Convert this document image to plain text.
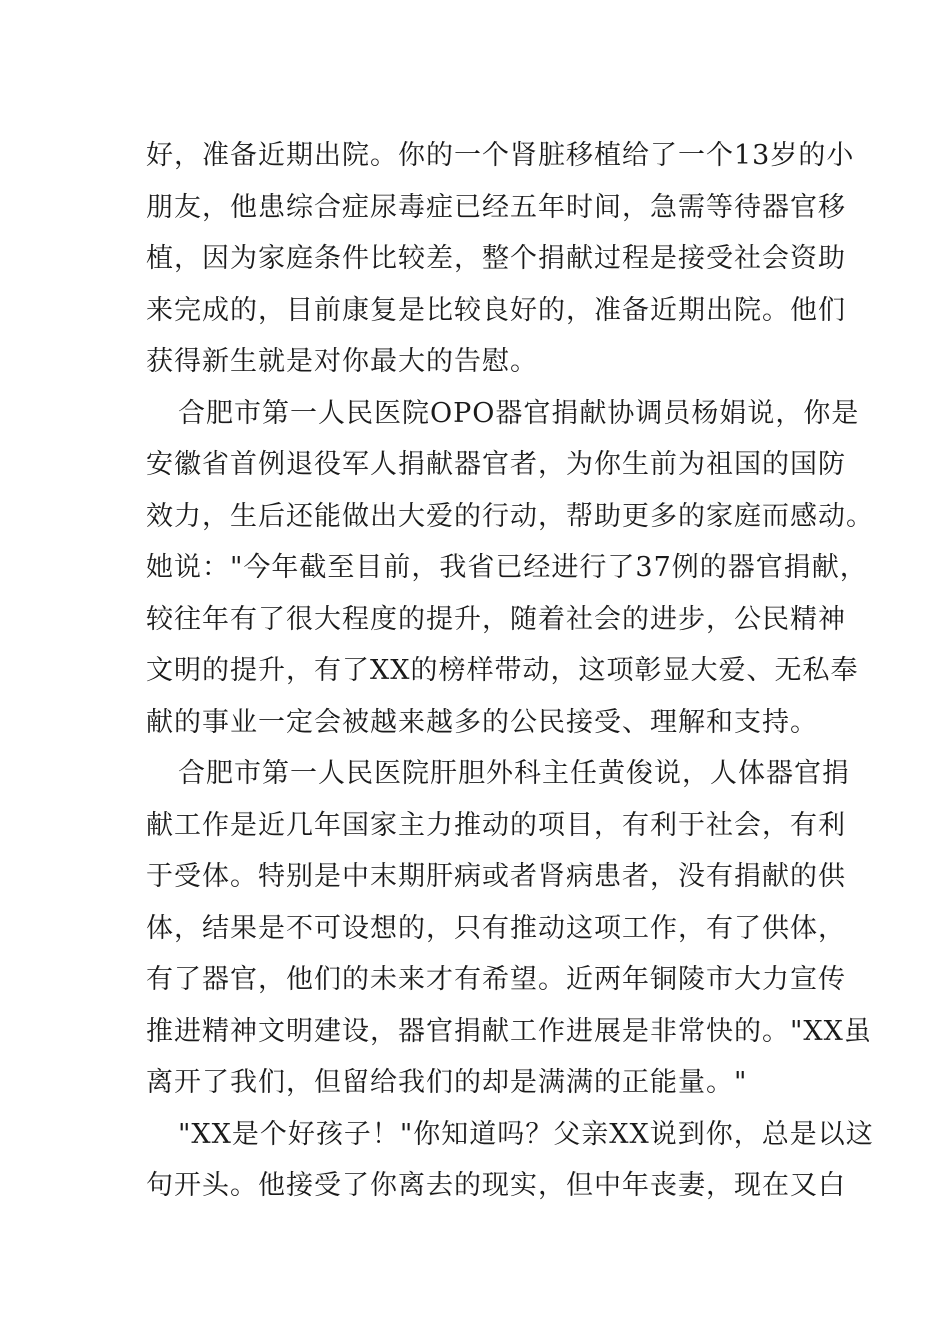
好，准备近期出院。你的一个肾脏移植给了一个13岁的小
朋友，他患综合症尿毒症已经五年时间，急需等待器官移
植，因为家庭条件比较差，整个捐献过程是接受社会资助
来完成的，目前康复是比较良好的，准备近期出院。他们
获得新生就是对你最大的告慰。
合肥市第一人民医院OPO器官捐献协调员杨娟说，你是
安徽省首例退役军人捐献器官者，为你生前为祖国的国防
效力，生后还能做出大爱的行动，帮助更多的家庭而感动。
她说："今年截至目前，我省已经进行了37例的器官捐献，
较往年有了很大程度的提升，随着社会的进步，公民精神
文明的提升，有了XX的榜样带动，这项彰显大爱、无私奉
献的事业一定会被越来越多的公民接受、理解和支持。
合肥市第一人民医院肝胆外科主任黄俊说，人体器官捐
献工作是近几年国家主力推动的项目，有利于社会，有利
于受体。特别是中末期肝病或者肾病患者，没有捐献的供
体，结果是不可设想的，只有推动这项工作，有了供体，
有了器官，他们的未来才有希望。近两年铜陵市大力宣传
推进精神文明建设，器官捐献工作进展是非常快的。"XX虽
离开了我们，但留给我们的却是满满的正能量。"
"XX是个好孩子！"你知道吗？父亲XX说到你，总是以这
句开头。他接受了你离去的现实，但中年丧妻，现在又白
